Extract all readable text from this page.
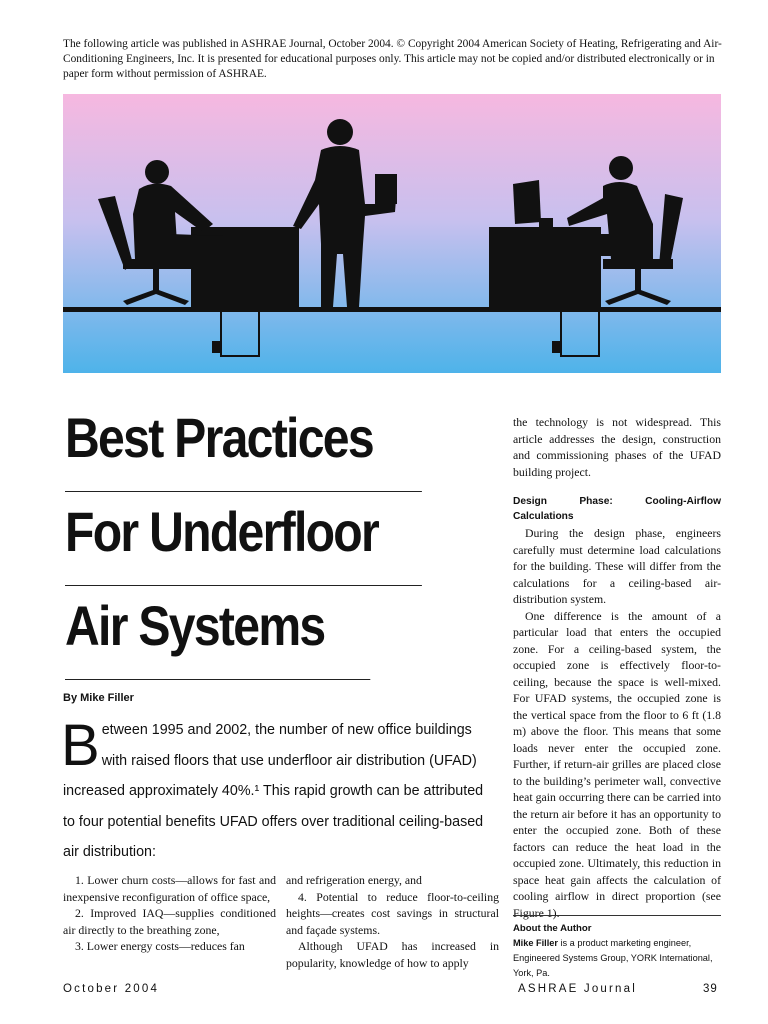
The following article was published in ASHRAE Journal, October 2004. © Copyright 2004 American Society of Heating, Refrigerating and Air-Conditioning Engineers, Inc. It is presented for educational purposes only. This article may not be copied and/or distributed electronically or in paper form without permission of ASHRAE.
Best Practices
For Underfloor
Air Systems
By Mike Filler
B etween 1995 and 2002, the number of new office buildings with raised floors that use underfloor air distribution (UFAD) increased approximately 40%.¹ This rapid growth can be attributed to four potential benefits UFAD offers over traditional ceiling-based air distribution:

1. Lower churn costs—allows for fast and inexpensive reconfiguration of office space,

2. Improved IAQ—supplies conditioned air directly to the breathing zone,

3. Lower energy costs—reduces fan

and refrigeration energy, and

4. Potential to reduce floor-to-ceiling heights—creates cost savings in structural and façade systems.

Although UFAD has increased in popularity, knowledge of how to apply

the technology is not widespread. This article addresses the design, construction and commissioning phases of the UFAD building project.

Design Phase: Cooling-Airflow Calculations

During the design phase, engineers carefully must determine load calculations for the building. These will differ from the calculations for a ceiling-based air-distribution system.

One difference is the amount of a particular load that enters the occupied zone. For a ceiling-based system, the occupied zone is effectively floor-to-ceiling, because the space is well-mixed. For UFAD systems, the occupied zone is the vertical space from the floor to 6 ft (1.8 m) above the floor. This means that some loads never enter the occupied zone. Further, if return-air grilles are placed close to the building’s perimeter wall, convective heat gain occurring there can be carried into the return air before it has an opportunity to enter the occupied zone. Both of these factors can reduce the heat load in the occupied zone. Ultimately, this reduction in space heat gain affects the calculation of cooling airflow in direct proportion (see Figure 1).

About the Author
Mike Filler is a product marketing engineer, Engineered Systems Group, YORK International, York, Pa.
October 2004	ASHRAE Journal	39
